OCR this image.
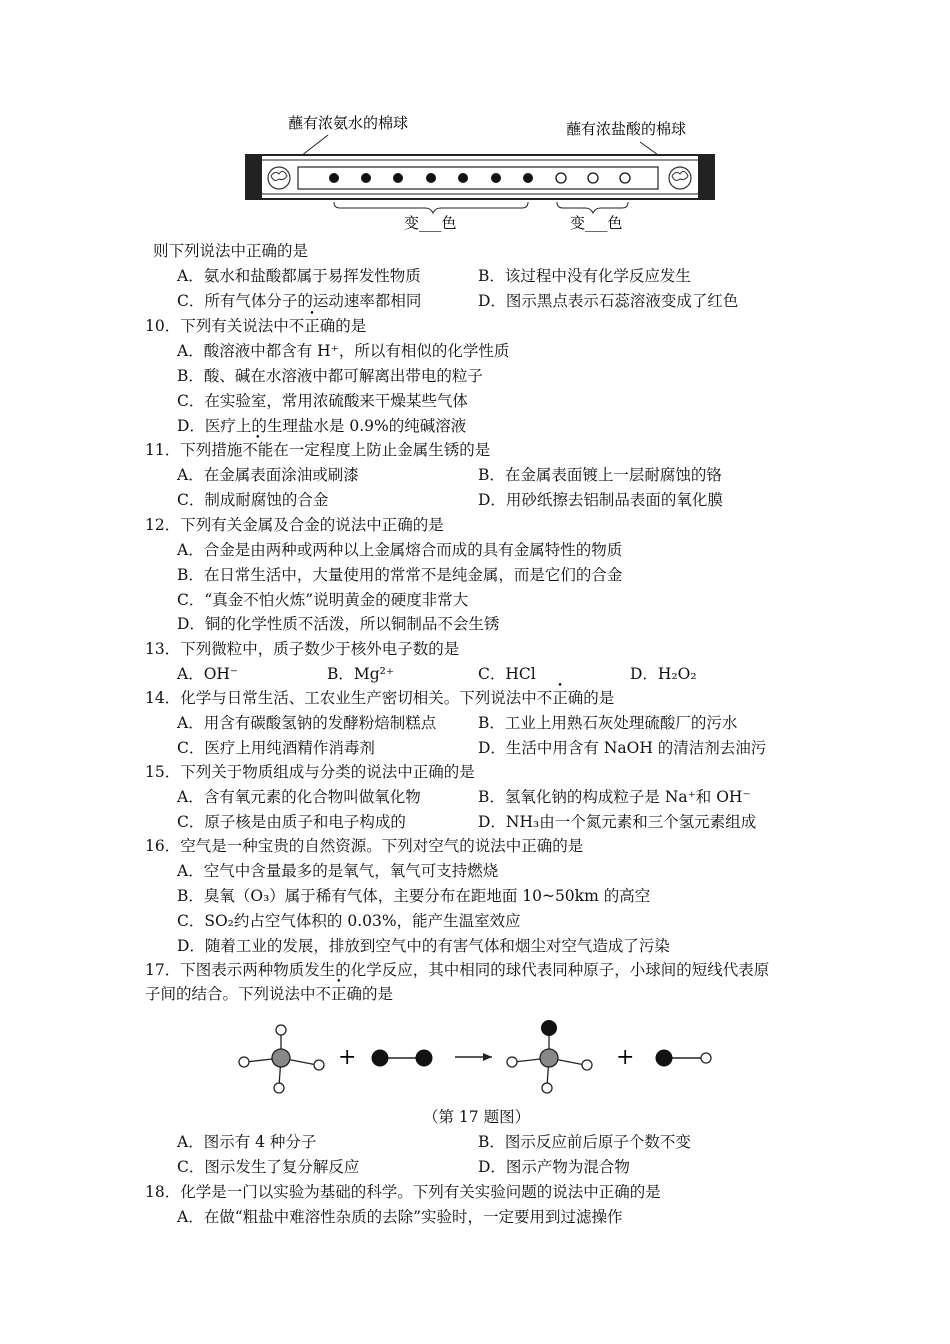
蘸有浓氨水的棉球	蘸有浓盐酸的棉球
变___色	变___色
则下列说法中正确的是
A．氨水和盐酸都属于易挥发性物质	B．该过程中没有化学反应发生
C．所有气体分子的运动速率都相同	D．图示黑点表示石蕊溶液变成了红色
10．下列有关说法中不正确的是
A．酸溶液中都含有 H⁺，所以有相似的化学性质
B．酸、碱在水溶液中都可解离出带电的粒子
C．在实验室，常用浓硫酸来干燥某些气体
D．医疗上的生理盐水是 0.9%的纯碱溶液
11．下列措施不能在一定程度上防止金属生锈的是
A．在金属表面涂油或刷漆	B．在金属表面镀上一层耐腐蚀的铬
C．制成耐腐蚀的合金	D．用砂纸擦去铝制品表面的氧化膜
12．下列有关金属及合金的说法中正确的是
A．合金是由两种或两种以上金属熔合而成的具有金属特性的物质
B．在日常生活中，大量使用的常常不是纯金属，而是它们的合金
C．“真金不怕火炼”说明黄金的硬度非常大
D．铜的化学性质不活泼，所以铜制品不会生锈
13．下列微粒中，质子数少于核外电子数的是
A．OH⁻	B．Mg²⁺	C．HCl	D．H₂O₂
14．化学与日常生活、工农业生产密切相关。下列说法中不正确的是
A．用含有碳酸氢钠的发酵粉焙制糕点	B．工业上用熟石灰处理硫酸厂的污水
C．医疗上用纯酒精作消毒剂	D．生活中用含有 NaOH 的清洁剂去油污
15．下列关于物质组成与分类的说法中正确的是
A．含有氧元素的化合物叫做氧化物	B．氢氧化钠的构成粒子是 Na⁺和 OH⁻
C．原子核是由质子和电子构成的	D．NH₃由一个氮元素和三个氢元素组成
16．空气是一种宝贵的自然资源。下列对空气的说法中正确的是
A．空气中含量最多的是氧气，氧气可支持燃烧
B．臭氧（O₃）属于稀有气体，主要分布在距地面 10~50km 的高空
C．SO₂约占空气体积的 0.03%，能产生温室效应
D．随着工业的发展，排放到空气中的有害气体和烟尘对空气造成了污染
17．下图表示两种物质发生的化学反应，其中相同的球代表同种原子，小球间的短线代表原
子间的结合。下列说法中不正确的是
+	+
（第 17 题图）
A．图示有 4 种分子	B．图示反应前后原子个数不变
C．图示发生了复分解反应	D．图示产物为混合物
18．化学是一门以实验为基础的科学。下列有关实验问题的说法中正确的是
A．在做“粗盐中难溶性杂质的去除”实验时，一定要用到过滤操作
